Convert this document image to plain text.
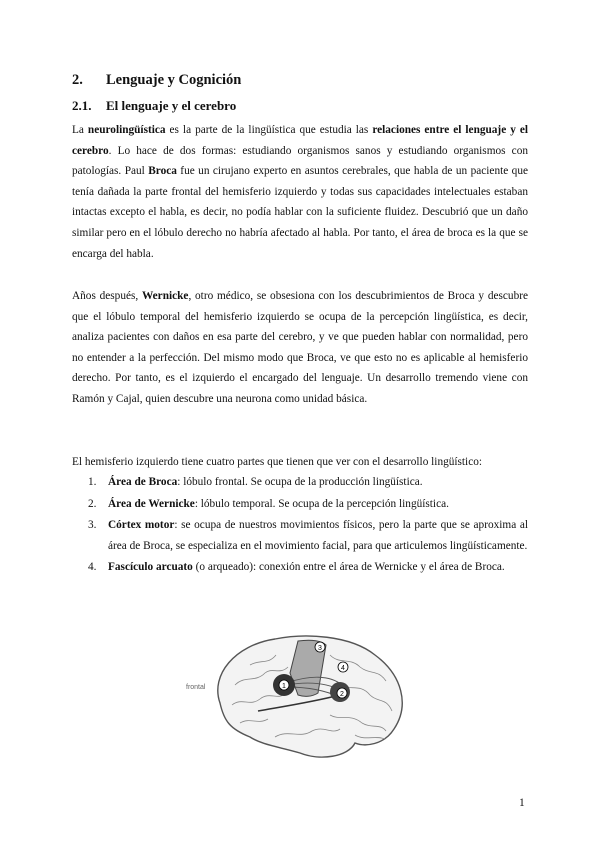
2. Lenguaje y Cognición
2.1. El lenguaje y el cerebro

La neurolingüística es la parte de la lingüística que estudia las relaciones entre el lenguaje y el cerebro. Lo hace de dos formas: estudiando organismos sanos y estudiando organismos con patologías. Paul Broca fue un cirujano experto en asuntos cerebrales, que habla de un paciente que tenía dañada la parte frontal del hemisferio izquierdo y todas sus capacidades intelectuales estaban intactas excepto el habla, es decir, no podía hablar con la suficiente fluidez. Descubrió que un daño similar pero en el lóbulo derecho no habría afectado al habla. Por tanto, el área de broca es la que se encarga del habla.

Años después, Wernicke, otro médico, se obsesiona con los descubrimientos de Broca y descubre que el lóbulo temporal del hemisferio izquierdo se ocupa de la percepción lingüística, es decir, analiza pacientes con daños en esa parte del cerebro, y ve que pueden hablar con normalidad, pero no entender a la perfección. Del mismo modo que Broca, ve que esto no es aplicable al hemisferio derecho. Por tanto, es el izquierdo el encargado del lenguaje. Un desarrollo tremendo viene con Ramón y Cajal, quien descubre una neurona como unidad básica.

El hemisferio izquierdo tiene cuatro partes que tienen que ver con el desarrollo lingüístico:

1. Área de Broca: lóbulo frontal. Se ocupa de la producción lingüística.
2. Área de Wernicke: lóbulo temporal. Se ocupa de la percepción lingüística.
3. Córtex motor: se ocupa de nuestros movimientos físicos, pero la parte que se aproxima al área de Broca, se especializa en el movimiento facial, para que articulemos lingüísticamente.
4. Fascículo arcuato (o arqueado): conexión entre el área de Wernicke y el área de Broca.
1
2
3
4
frontal
1
